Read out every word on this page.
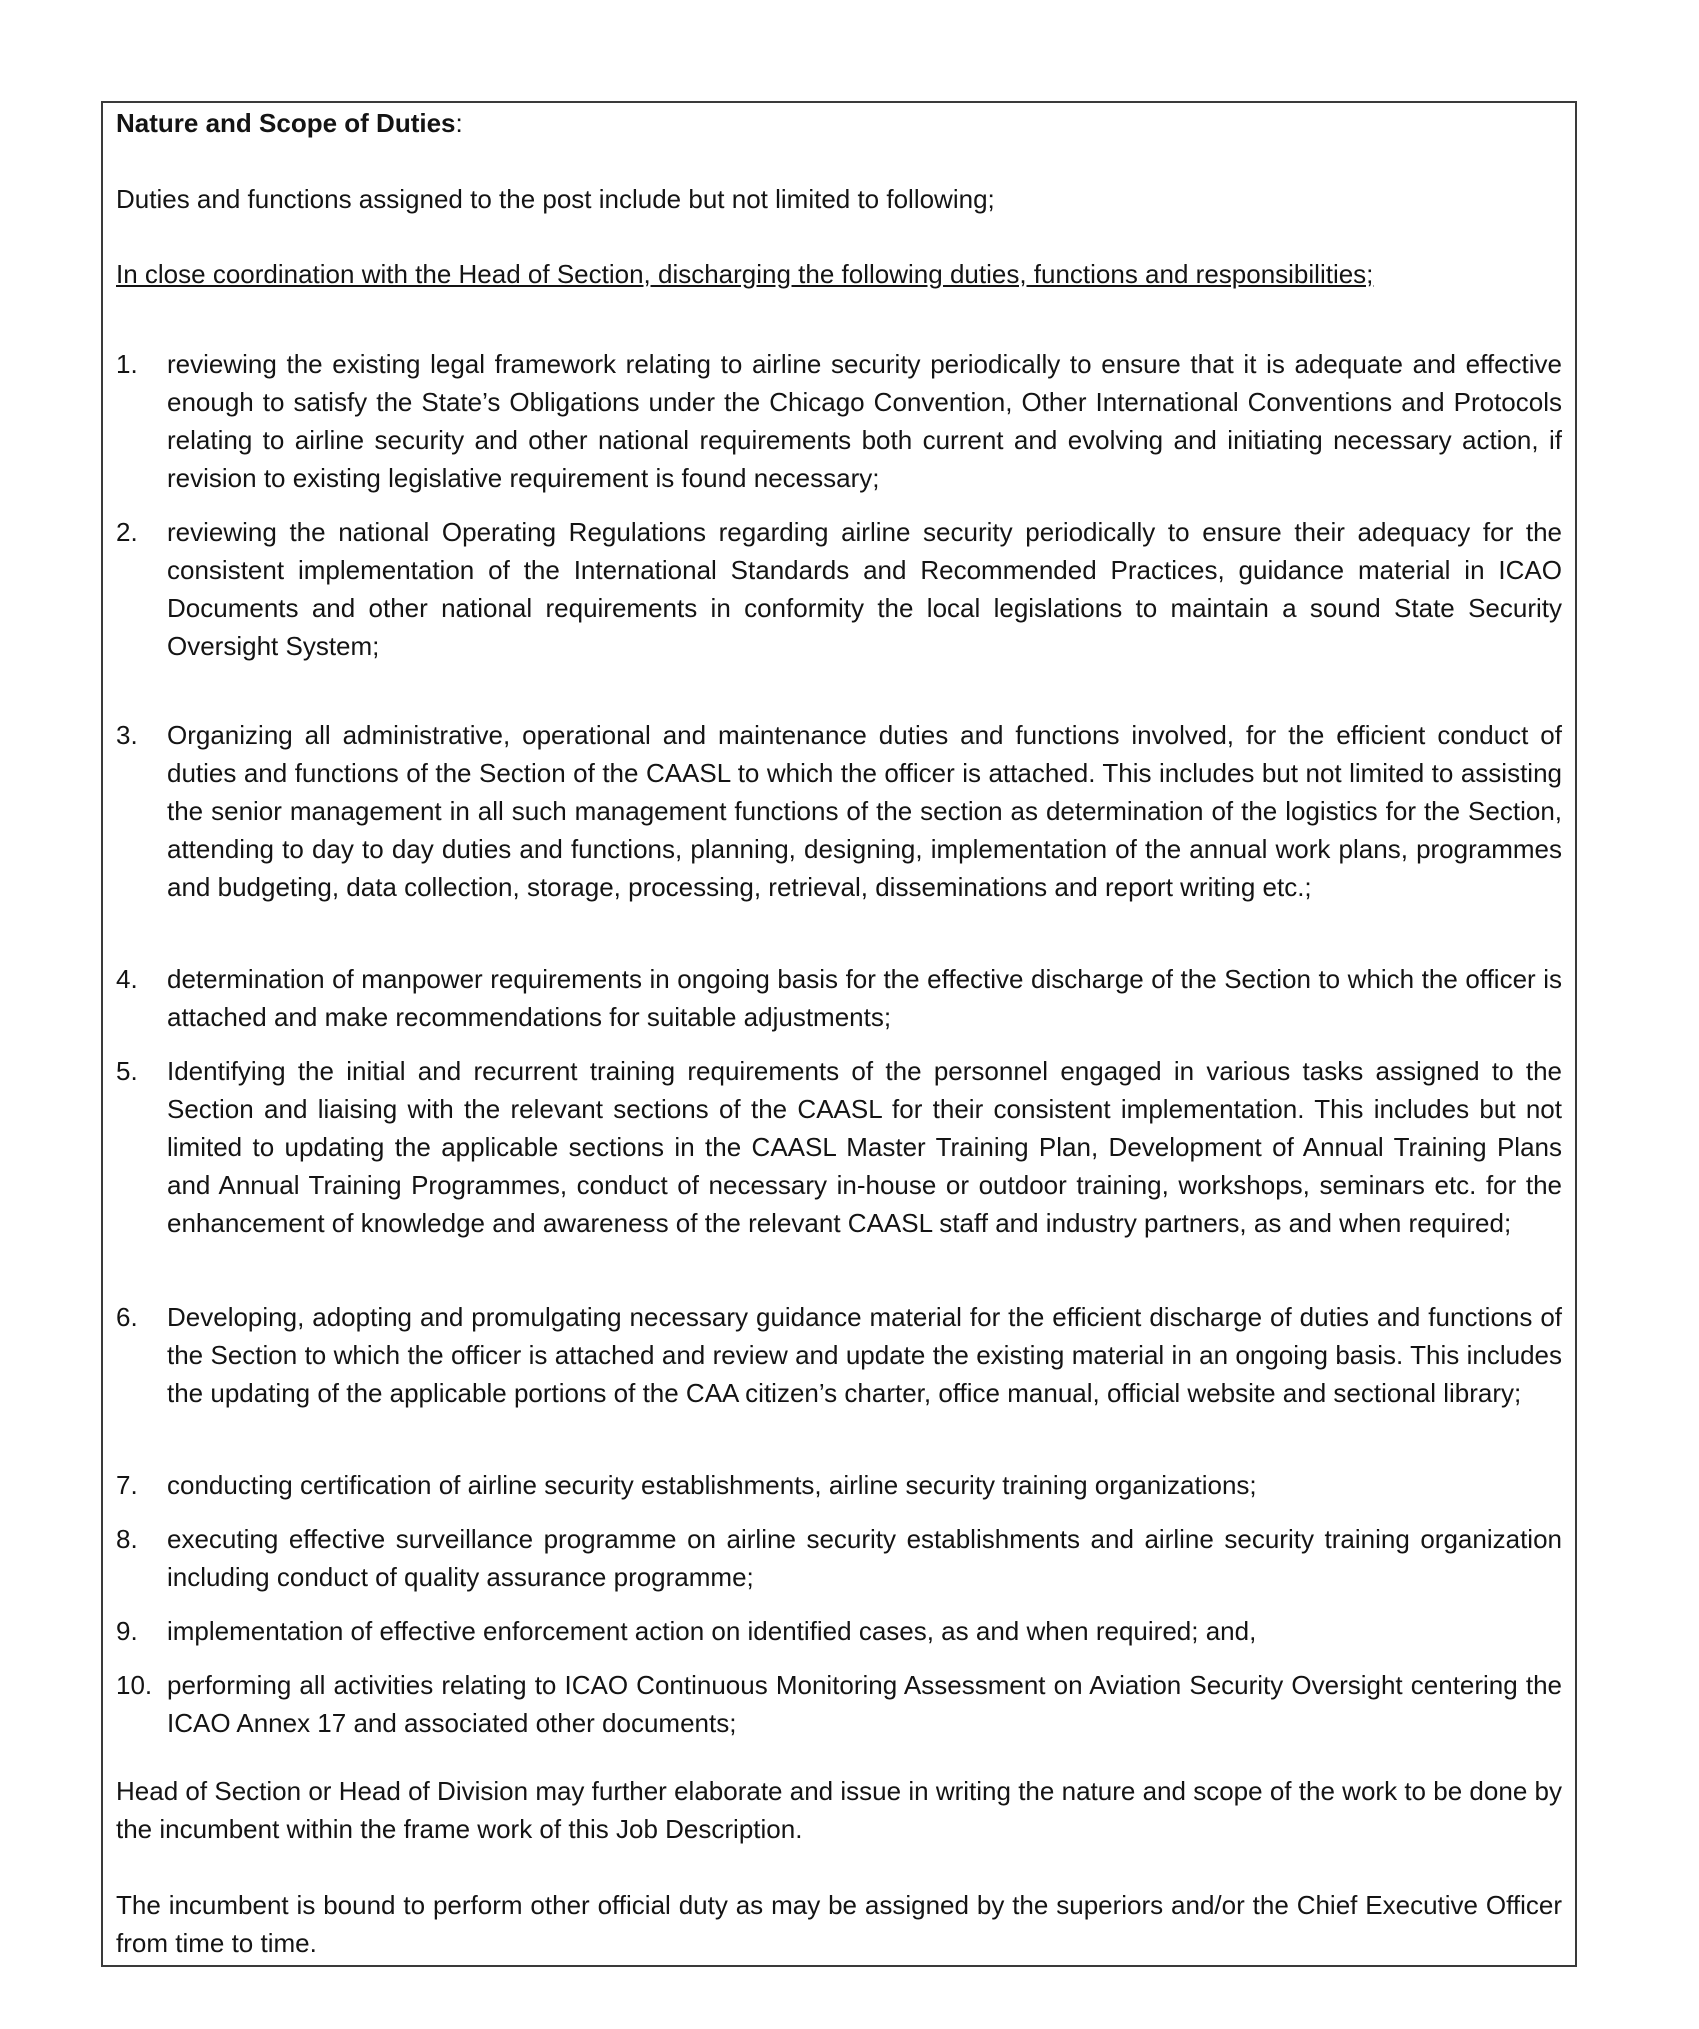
Nature and Scope of Duties:

Duties and functions assigned to the post include but not limited to following;

In close coordination with the Head of Section, discharging the following duties, functions and responsibilities;

1.	reviewing the existing legal framework relating to airline security periodically to ensure that it is adequate and effective enough to satisfy the State’s Obligations under the Chicago Convention, Other International Conventions and Protocols relating to airline security and other national requirements both current and evolving and initiating necessary action, if revision to existing legislative requirement is found necessary;
2.	reviewing the national Operating Regulations regarding airline security periodically to ensure their adequacy for the consistent implementation of the International Standards and Recommended Practices, guidance material in ICAO Documents and other national requirements in conformity the local legislations to maintain a sound State Security Oversight System;
3.	Organizing all administrative, operational and maintenance duties and functions involved, for the efficient conduct of duties and functions of the Section of the CAASL to which the officer is attached. This includes but not limited to assisting the senior management in all such management functions of the section as determination of the logistics for the Section, attending to day to day duties and functions, planning, designing, implementation of the annual work plans, programmes and budgeting, data collection, storage, processing, retrieval, disseminations and report writing etc.;
4.	determination of manpower requirements in ongoing basis for the effective discharge of the Section to which the officer is attached and make recommendations for suitable adjustments;
5.	Identifying the initial and recurrent training requirements of the personnel engaged in various tasks assigned to the Section and liaising with the relevant sections of the CAASL for their consistent implementation. This includes but not limited to updating the applicable sections in the CAASL Master Training Plan, Development of Annual Training Plans and Annual Training Programmes, conduct of necessary in-house or outdoor training, workshops, seminars etc. for the enhancement of knowledge and awareness of the relevant CAASL staff and industry partners, as and when required;
6.	Developing, adopting and promulgating necessary guidance material for the efficient discharge of duties and functions of the Section to which the officer is attached and review and update the existing material in an ongoing basis. This includes the updating of the applicable portions of the CAA citizen’s charter, office manual, official website and sectional library;
7.	conducting certification of airline security establishments, airline security training organizations;
8.	executing effective surveillance programme on airline security establishments and airline security training organization including conduct of quality assurance programme;
9.	implementation of effective enforcement action on identified cases, as and when required; and,
10. performing all activities relating to ICAO Continuous Monitoring Assessment on Aviation Security Oversight centering the ICAO Annex 17 and associated other documents;

Head of Section or Head of Division may further elaborate and issue in writing the nature and scope of the work to be done by the incumbent within the frame work of this Job Description.

The incumbent is bound to perform other official duty as may be assigned by the superiors and/or the Chief Executive Officer from time to time.
